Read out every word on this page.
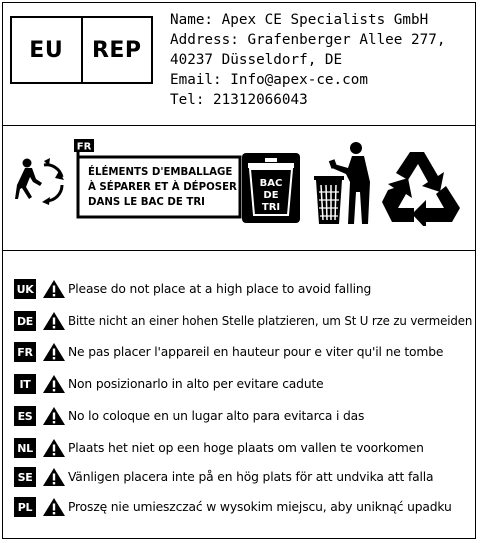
EU	REP
Name: Apex CE Specialists GmbH
Address: Grafenberger Allee 277,
40237 Düsseldorf, DE
Email: Info@apex-ce.com
Tel: 21312066043
FR
ÉLÉMENTS D'EMBALLAGE
À SÉPARER ET À DÉPOSER
DANS LE BAC DE TRI
BAC
DE
TRI
UK	Please do not place at a high place to avoid falling
DE	Bitte nicht an einer hohen Stelle platzieren, um St U rze zu vermeiden
FR	Ne pas placer l'appareil en hauteur pour e viter qu'il ne tombe
IT	Non posizionarlo in alto per evitare cadute
ES	No lo coloque en un lugar alto para evitarca i das
NL	Plaats het niet op een hoge plaats om vallen te voorkomen
SE	Vänligen placera inte på en hög plats för att undvika att falla
PL	Proszę nie umieszczać w wysokim miejscu, aby uniknąć upadku
